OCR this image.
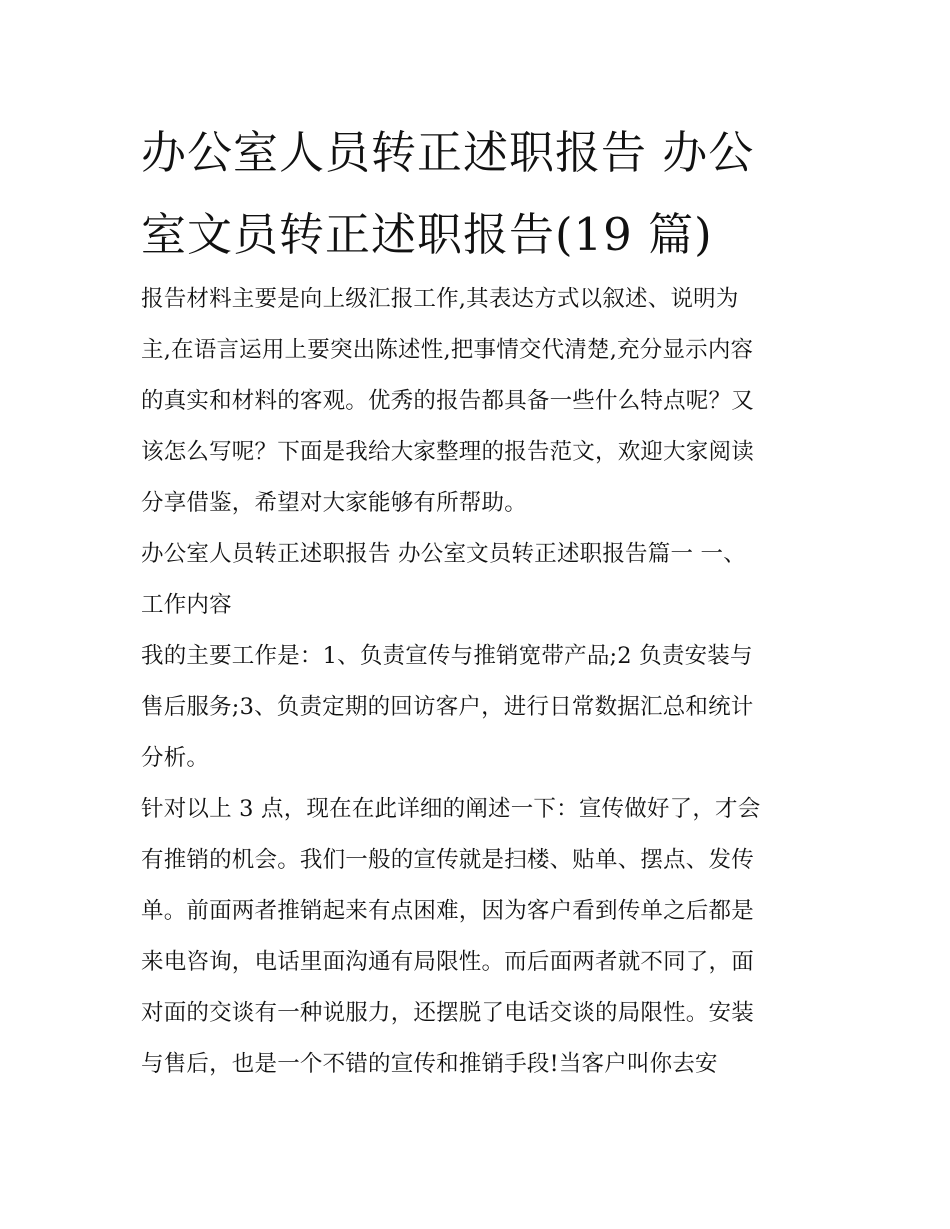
办公室人员转正述职报告 办公
室文员转正述职报告(19 篇)
报告材料主要是向上级汇报工作,其表达方式以叙述、说明为
主,在语言运用上要突出陈述性,把事情交代清楚,充分显示内容
的真实和材料的客观。优秀的报告都具备一些什么特点呢？又
该怎么写呢？下面是我给大家整理的报告范文，欢迎大家阅读
分享借鉴，希望对大家能够有所帮助。
办公室人员转正述职报告 办公室文员转正述职报告篇一 一、
工作内容
我的主要工作是：1、负责宣传与推销宽带产品;2 负责安装与
售后服务;3、负责定期的回访客户，进行日常数据汇总和统计
分析。
针对以上 3 点，现在在此详细的阐述一下：宣传做好了，才会
有推销的机会。我们一般的宣传就是扫楼、贴单、摆点、发传
单。前面两者推销起来有点困难，因为客户看到传单之后都是
来电咨询，电话里面沟通有局限性。而后面两者就不同了，面
对面的交谈有一种说服力，还摆脱了电话交谈的局限性。安装
与售后，也是一个不错的宣传和推销手段!当客户叫你去安
